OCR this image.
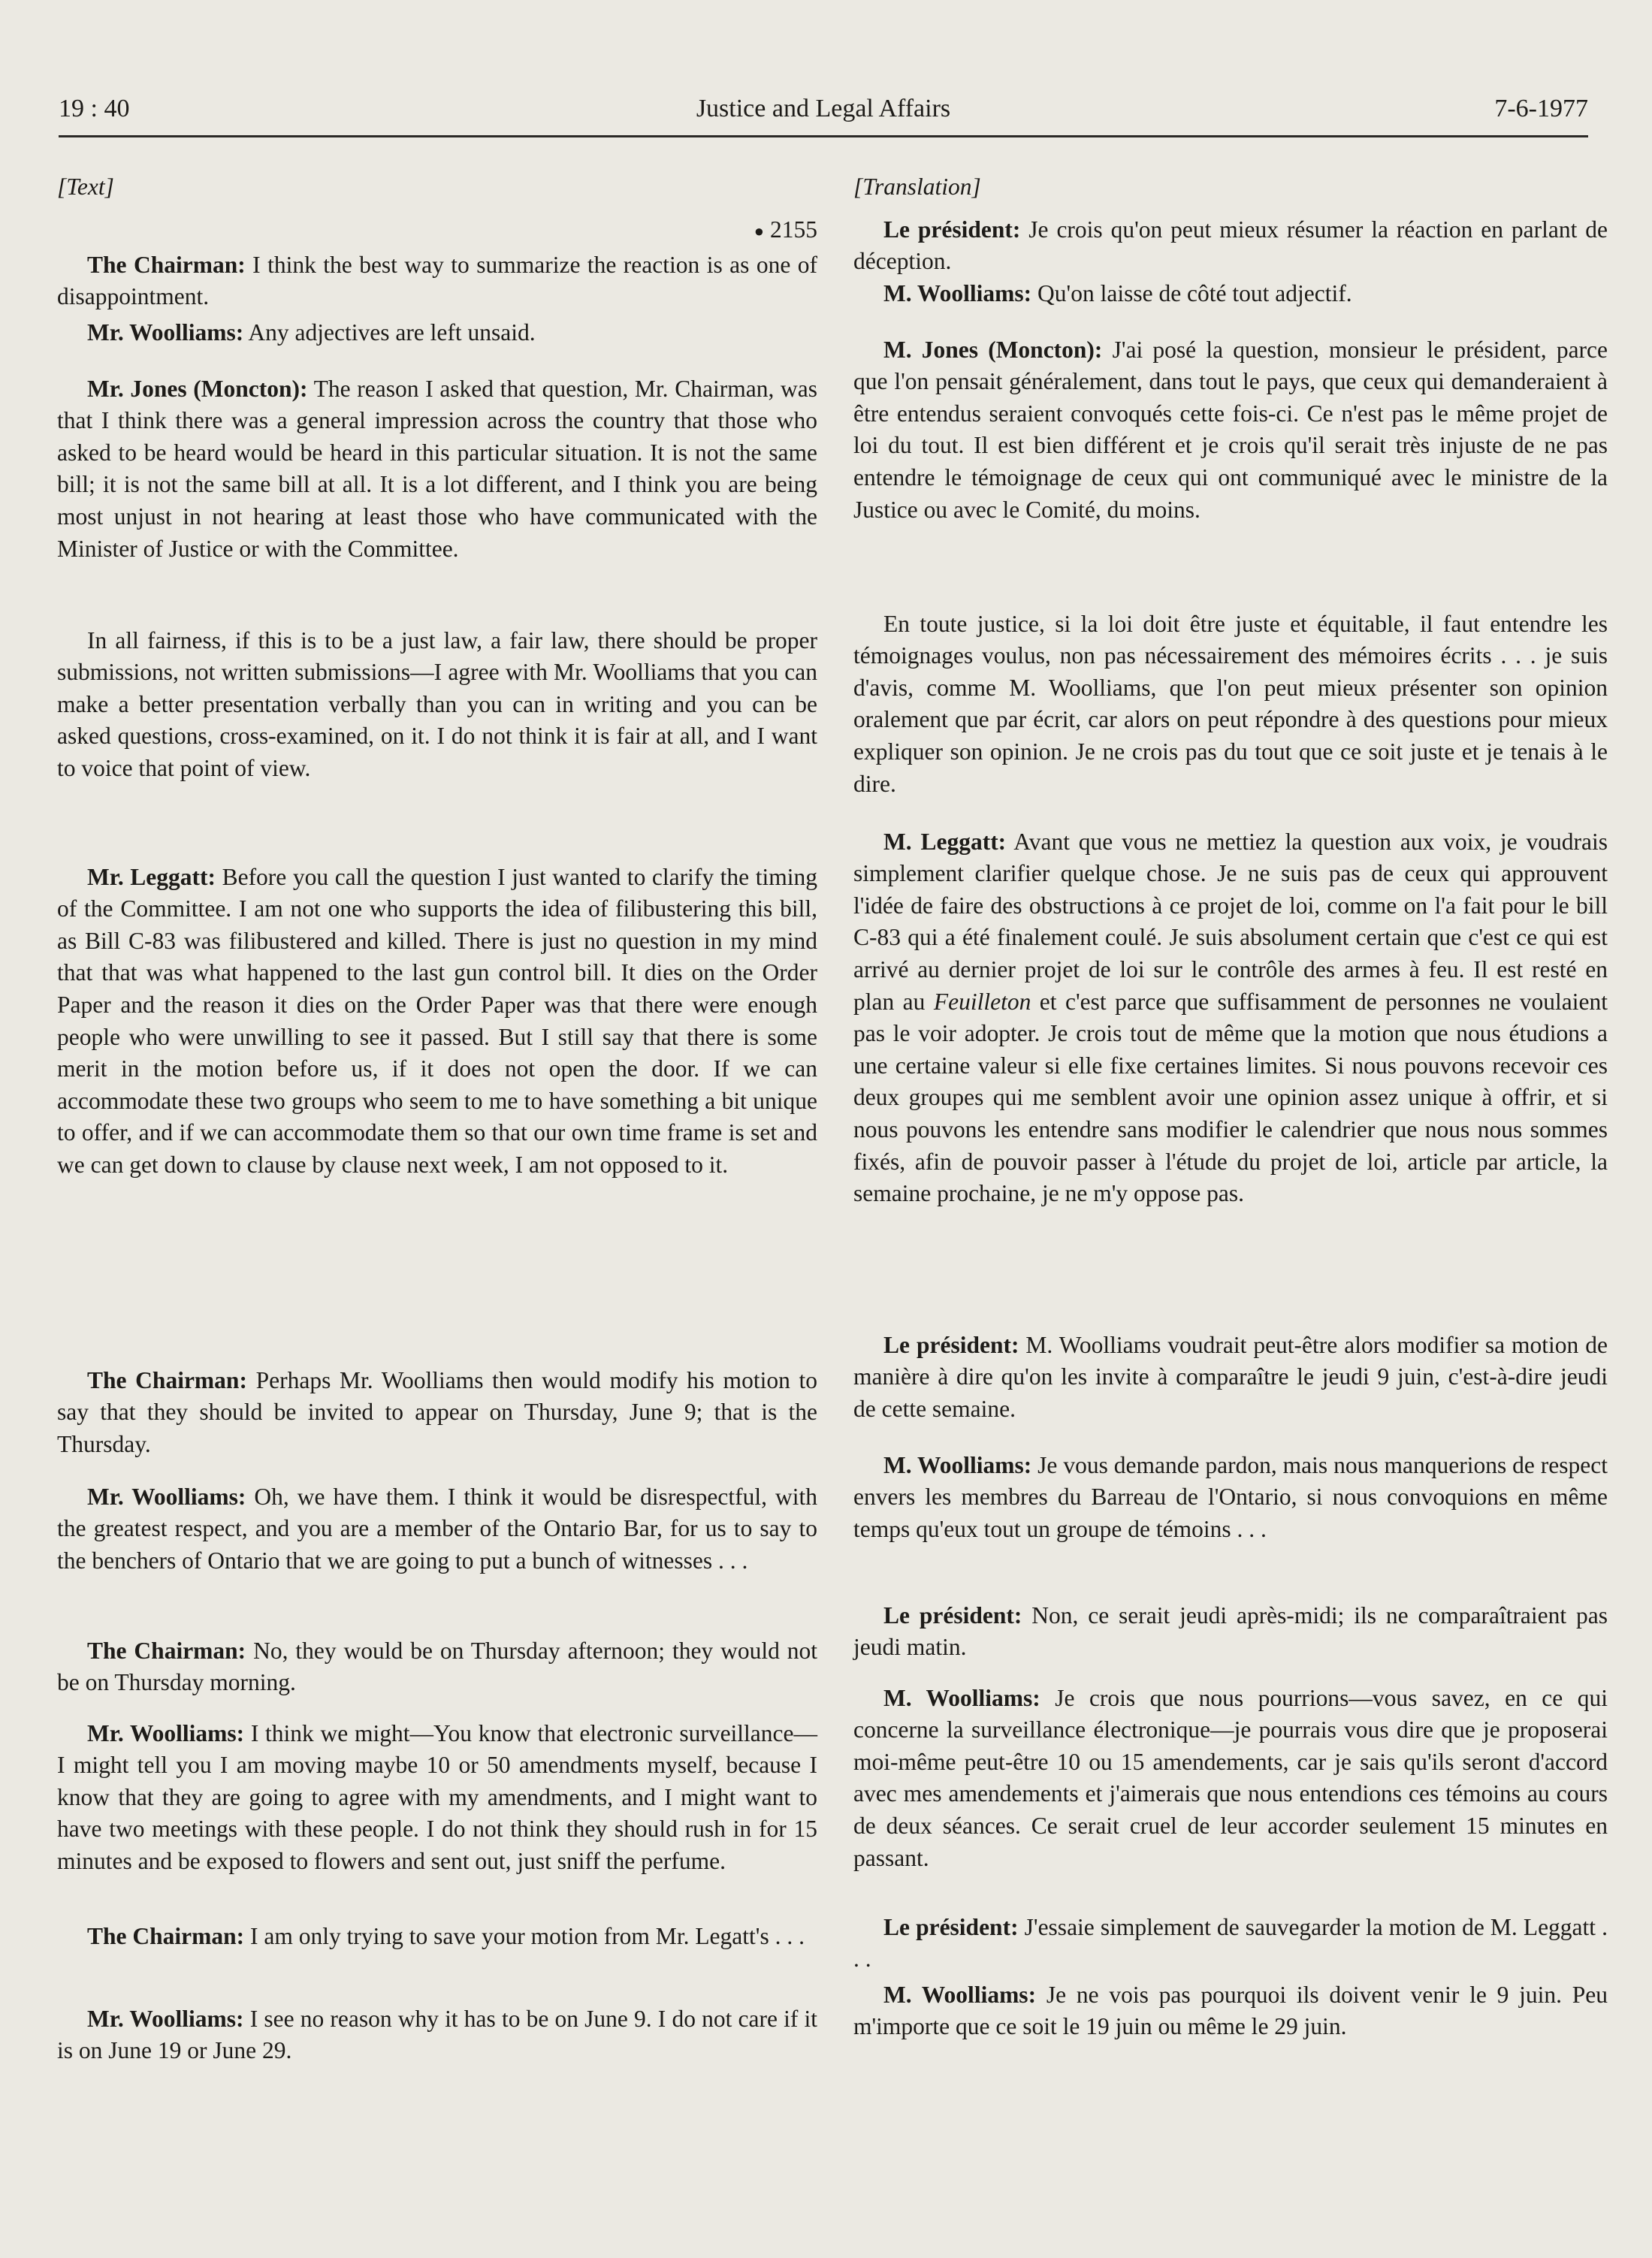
19 : 40	Justice and Legal Affairs	7-6-1977
[Text]
● 2155

The Chairman: I think the best way to summarize the reaction is as one of disappointment.

Mr. Woolliams: Any adjectives are left unsaid.

Mr. Jones (Moncton): The reason I asked that question, Mr. Chairman, was that I think there was a general impression across the country that those who asked to be heard would be heard in this particular situation. It is not the same bill; it is not the same bill at all. It is a lot different, and I think you are being most unjust in not hearing at least those who have communicated with the Minister of Justice or with the Committee.

In all fairness, if this is to be a just law, a fair law, there should be proper submissions, not written submissions—I agree with Mr. Woolliams that you can make a better presentation verbally than you can in writing and you can be asked questions, cross-examined, on it. I do not think it is fair at all, and I want to voice that point of view.

Mr. Leggatt: Before you call the question I just wanted to clarify the timing of the Committee. I am not one who supports the idea of filibustering this bill, as Bill C-83 was filibustered and killed. There is just no question in my mind that that was what happened to the last gun control bill. It dies on the Order Paper and the reason it dies on the Order Paper was that there were enough people who were unwilling to see it passed. But I still say that there is some merit in the motion before us, if it does not open the door. If we can accommodate these two groups who seem to me to have something a bit unique to offer, and if we can accommodate them so that our own time frame is set and we can get down to clause by clause next week, I am not opposed to it.

The Chairman: Perhaps Mr. Woolliams then would modify his motion to say that they should be invited to appear on Thursday, June 9; that is the Thursday.

Mr. Woolliams: Oh, we have them. I think it would be disrespectful, with the greatest respect, and you are a member of the Ontario Bar, for us to say to the benchers of Ontario that we are going to put a bunch of witnesses . . .

The Chairman: No, they would be on Thursday afternoon; they would not be on Thursday morning.

Mr. Woolliams: I think we might—You know that electronic surveillance—I might tell you I am moving maybe 10 or 50 amendments myself, because I know that they are going to agree with my amendments, and I might want to have two meetings with these people. I do not think they should rush in for 15 minutes and be exposed to flowers and sent out, just sniff the perfume.

The Chairman: I am only trying to save your motion from Mr. Legatt's . . .

Mr. Woolliams: I see no reason why it has to be on June 9. I do not care if it is on June 19 or June 29.

[Translation]

Le président: Je crois qu'on peut mieux résumer la réaction en parlant de déception.

M. Woolliams: Qu'on laisse de côté tout adjectif.

M. Jones (Moncton): J'ai posé la question, monsieur le président, parce que l'on pensait généralement, dans tout le pays, que ceux qui demanderaient à être entendus seraient convoqués cette fois-ci. Ce n'est pas le même projet de loi du tout. Il est bien différent et je crois qu'il serait très injuste de ne pas entendre le témoignage de ceux qui ont communiqué avec le ministre de la Justice ou avec le Comité, du moins.

En toute justice, si la loi doit être juste et équitable, il faut entendre les témoignages voulus, non pas nécessairement des mémoires écrits . . . je suis d'avis, comme M. Woolliams, que l'on peut mieux présenter son opinion oralement que par écrit, car alors on peut répondre à des questions pour mieux expliquer son opinion. Je ne crois pas du tout que ce soit juste et je tenais à le dire.

M. Leggatt: Avant que vous ne mettiez la question aux voix, je voudrais simplement clarifier quelque chose. Je ne suis pas de ceux qui approuvent l'idée de faire des obstructions à ce projet de loi, comme on l'a fait pour le bill C-83 qui a été finalement coulé. Je suis absolument certain que c'est ce qui est arrivé au dernier projet de loi sur le contrôle des armes à feu. Il est resté en plan au Feuilleton et c'est parce que suffisamment de personnes ne voulaient pas le voir adopter. Je crois tout de même que la motion que nous étudions a une certaine valeur si elle fixe certaines limites. Si nous pouvons recevoir ces deux groupes qui me semblent avoir une opinion assez unique à offrir, et si nous pouvons les entendre sans modifier le calendrier que nous nous sommes fixés, afin de pouvoir passer à l'étude du projet de loi, article par article, la semaine prochaine, je ne m'y oppose pas.

Le président: M. Woolliams voudrait peut-être alors modifier sa motion de manière à dire qu'on les invite à comparaître le jeudi 9 juin, c'est-à-dire jeudi de cette semaine.

M. Woolliams: Je vous demande pardon, mais nous manquerions de respect envers les membres du Barreau de l'Ontario, si nous convoquions en même temps qu'eux tout un groupe de témoins . . .

Le président: Non, ce serait jeudi après-midi; ils ne comparaîtraient pas jeudi matin.

M. Woolliams: Je crois que nous pourrions—vous savez, en ce qui concerne la surveillance électronique—je pourrais vous dire que je proposerai moi-même peut-être 10 ou 15 amendements, car je sais qu'ils seront d'accord avec mes amendements et j'aimerais que nous entendions ces témoins au cours de deux séances. Ce serait cruel de leur accorder seulement 15 minutes en passant.

Le président: J'essaie simplement de sauvegarder la motion de M. Leggatt . . .

M. Woolliams: Je ne vois pas pourquoi ils doivent venir le 9 juin. Peu m'importe que ce soit le 19 juin ou même le 29 juin.
